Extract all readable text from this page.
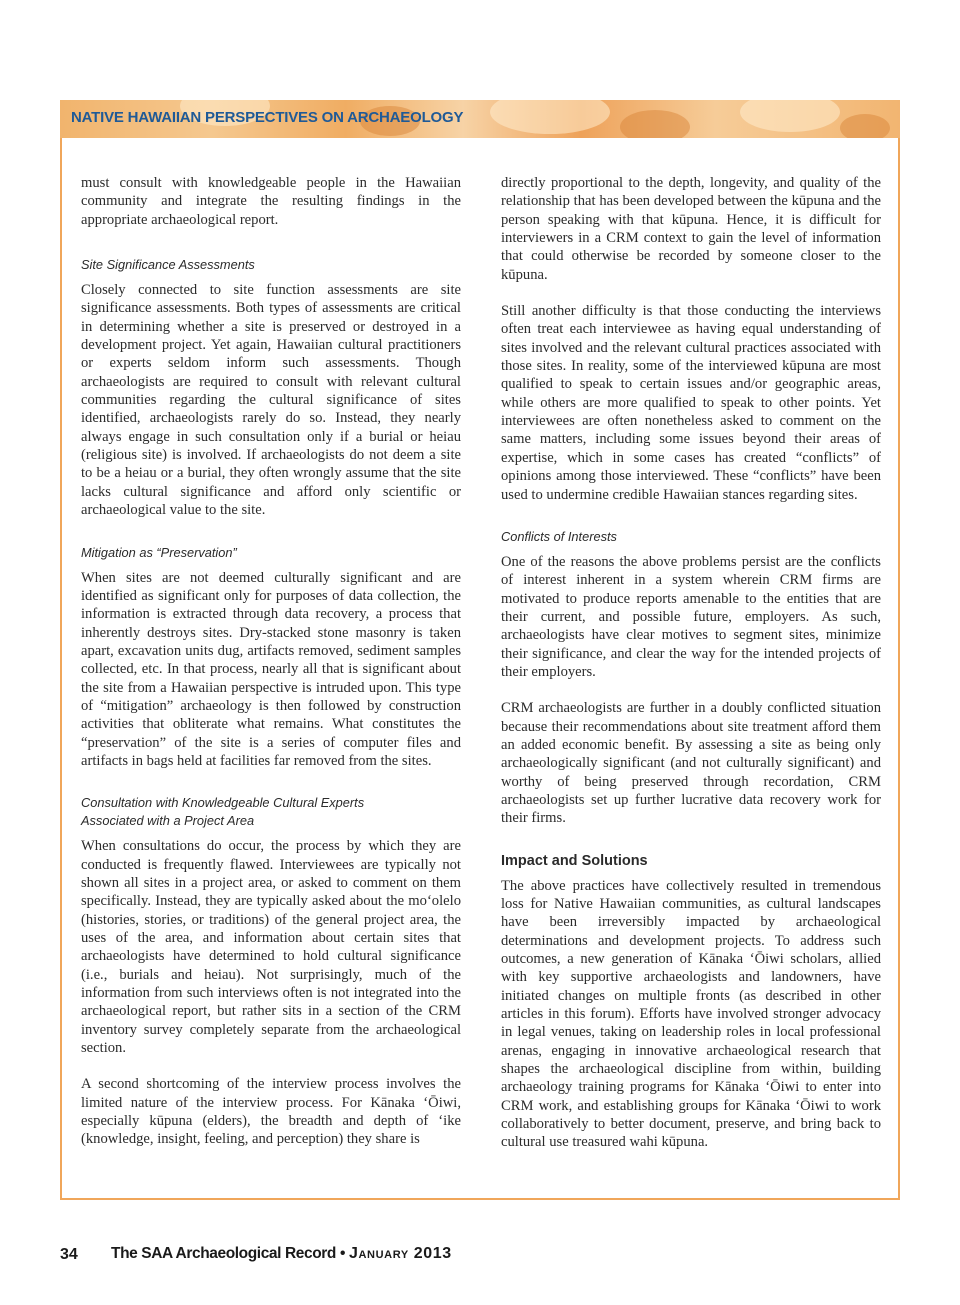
NATIVE HAWAIIAN PERSPECTIVES ON ARCHAEOLOGY

must consult with knowledgeable people in the Hawaiian community and integrate the resulting findings in the appropriate archaeological report.

Site Significance Assessments

Closely connected to site function assessments are site significance assessments. Both types of assessments are critical in determining whether a site is preserved or destroyed in a development project. Yet again, Hawaiian cultural practitioners or experts seldom inform such assessments. Though archaeologists are required to consult with relevant cultural communities regarding the cultural significance of sites identified, archaeologists rarely do so. Instead, they nearly always engage in such consultation only if a burial or heiau (religious site) is involved. If archaeologists do not deem a site to be a heiau or a burial, they often wrongly assume that the site lacks cultural significance and afford only scientific or archaeological value to the site.

Mitigation as “Preservation”

When sites are not deemed culturally significant and are identified as significant only for purposes of data collection, the information is extracted through data recovery, a process that inherently destroys sites. Dry-stacked stone masonry is taken apart, excavation units dug, artifacts removed, sediment samples collected, etc. In that process, nearly all that is significant about the site from a Hawaiian perspective is intruded upon. This type of “mitigation” archaeology is then followed by construction activities that obliterate what remains. What constitutes the “preservation” of the site is a series of computer files and artifacts in bags held at facilities far removed from the sites.

Consultation with Knowledgeable Cultural Experts
Associated with a Project Area

When consultations do occur, the process by which they are conducted is frequently flawed. Interviewees are typically not shown all sites in a project area, or asked to comment on them specifically. Instead, they are typically asked about the moʻolelo (histories, stories, or traditions) of the general project area, the uses of the area, and information about certain sites that archaeologists have determined to hold cultural significance (i.e., burials and heiau). Not surprisingly, much of the information from such interviews often is not integrated into the archaeological report, but rather sits in a section of the CRM inventory survey completely separate from the archaeological section.

A second shortcoming of the interview process involves the limited nature of the interview process. For Kānaka ʻŌiwi, especially kūpuna (elders), the breadth and depth of ʻike (knowledge, insight, feeling, and perception) they share is

directly proportional to the depth, longevity, and quality of the relationship that has been developed between the kūpuna and the person speaking with that kūpuna. Hence, it is difficult for interviewers in a CRM context to gain the level of information that could otherwise be recorded by someone closer to the kūpuna.

Still another difficulty is that those conducting the interviews often treat each interviewee as having equal understanding of sites involved and the relevant cultural practices associated with those sites. In reality, some of the interviewed kūpuna are most qualified to speak to certain issues and/or geographic areas, while others are more qualified to speak to other points. Yet interviewees are often nonetheless asked to comment on the same matters, including some issues beyond their areas of expertise, which in some cases has created “conflicts” of opinions among those interviewed. These “conflicts” have been used to undermine credible Hawaiian stances regarding sites.

Conflicts of Interests

One of the reasons the above problems persist are the conflicts of interest inherent in a system wherein CRM firms are motivated to produce reports amenable to the entities that are their current, and possible future, employers. As such, archaeologists have clear motives to segment sites, minimize their significance, and clear the way for the intended projects of their employers.

CRM archaeologists are further in a doubly conflicted situation because their recommendations about site treatment afford them an added economic benefit. By assessing a site as being only archaeologically significant (and not culturally significant) and worthy of being preserved through recordation, CRM archaeologists set up further lucrative data recovery work for their firms.

Impact and Solutions

The above practices have collectively resulted in tremendous loss for Native Hawaiian communities, as cultural landscapes have been irreversibly impacted by archaeological determinations and development projects. To address such outcomes, a new generation of Kānaka ʻŌiwi scholars, allied with key supportive archaeologists and landowners, have initiated changes on multiple fronts (as described in other articles in this forum). Efforts have involved stronger advocacy in legal venues, taking on leadership roles in local professional arenas, engaging in innovative archaeological research that shapes the archaeological discipline from within, building archaeology training programs for Kānaka ʻŌiwi to enter into CRM work, and establishing groups for Kānaka ʻŌiwi to work collaboratively to better document, preserve, and bring back to cultural use treasured wahi kūpuna.

34 The SAA Archaeological Record • January 2013
